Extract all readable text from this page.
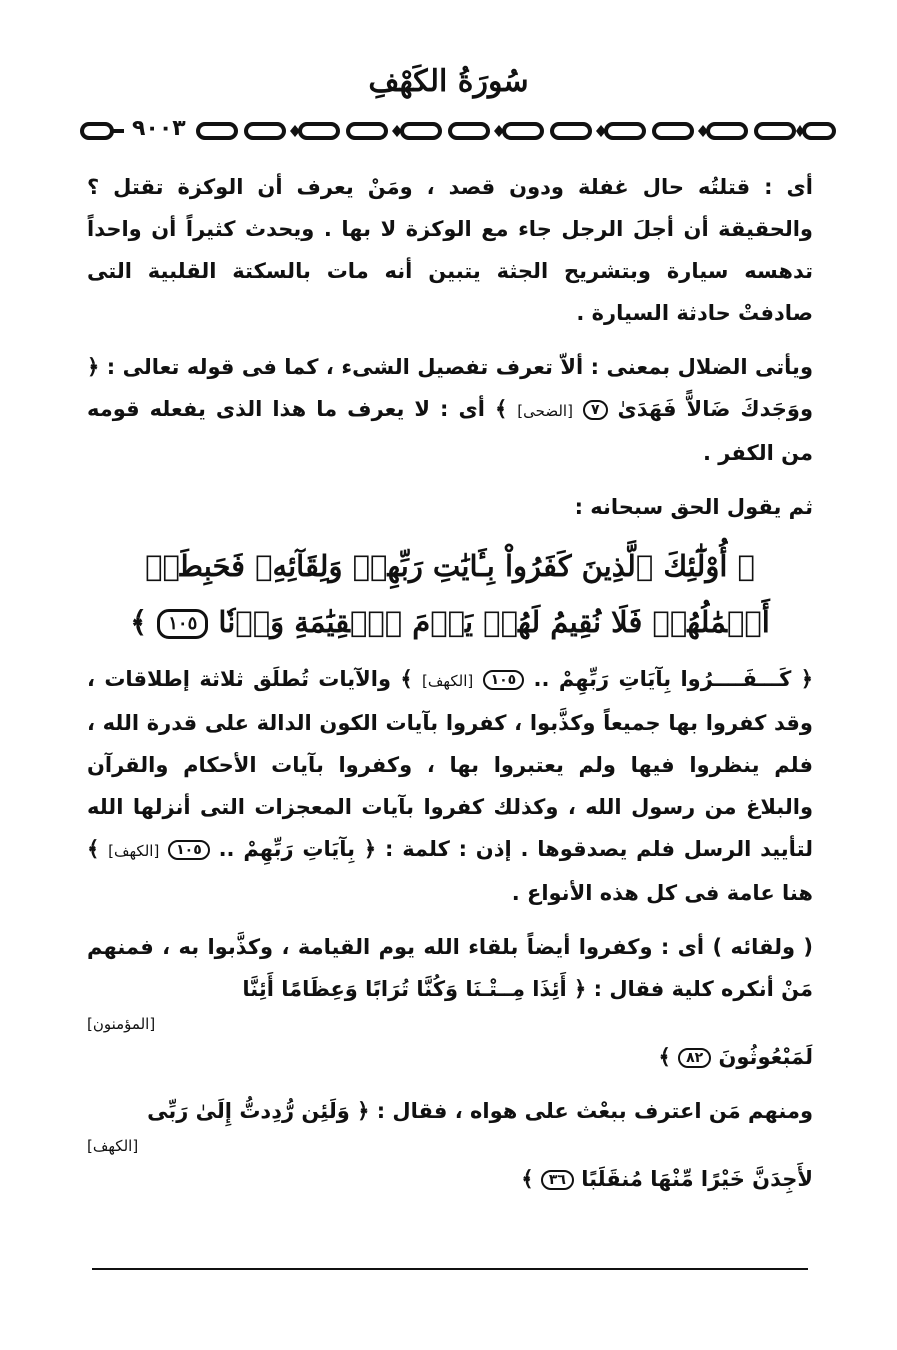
سُورَةُ الكَهْفِ
٩٠٠٣

أى : قتلتُه حال غفلة ودون قصد ، ومَنْ يعرف أن الوكزة تقتل ؟ والحقيقة أن أجلَ الرجل جاء مع الوكزة لا بها . ويحدث كثيراً أن واحداً تدهسه سيارة وبتشريح الجثة يتبين أنه مات بالسكتة القلبية التى صادفتْ حادثة السيارة .

ويأتى الضلال بمعنى : ألاّ تعرف تفصيل الشىء ، كما فى قوله تعالى : ﴿ ووَجَدكَ ضَالاًّ فَهَدَىٰ ٧ [الضحى] ﴾ أى : لا يعرف ما هذا الذى يفعله قومه من الكفر .

ثم يقول الحق سبحانه :

﴿ أُوْلَٰٓئِكَ ٱلَّذِينَ كَفَرُواْ بِـَٔايَٰتِ رَبِّهِمۡ وَلِقَآئِهِۦ فَحَبِطَتۡ
أَعۡمَٰلُهُمۡ فَلَا نُقِيمُ لَهُمۡ يَوۡمَ ٱلۡقِيَٰمَةِ وَزۡنٗا ١٠٥ ﴾

﴿ كَـــفَــــرُوا بِآيَاتِ رَبِّهِمْ .. ١٠٥ [الكهف] ﴾ والآيات تُطلَق ثلاثة إطلاقات ، وقد كفروا بها جميعاً وكذَّبوا ، كفروا بآيات الكون الدالة على قدرة الله ، فلم ينظروا فيها ولم يعتبروا بها ، وكفروا بآيات الأحكام والقرآن والبلاغ من رسول الله ، وكذلك كفروا بآيات المعجزات التى أنزلها الله لتأييد الرسل فلم يصدقوها . إذن : كلمة : ﴿ بِآيَاتِ رَبِّهِمْ .. ١٠٥ [الكهف] ﴾ هنا عامة فى كل هذه الأنواع .

( ولقائه ) أى : وكفروا أيضاً بلقاء الله يوم القيامة ، وكذَّبوا به ، فمنهم مَنْ أنكره كلية فقال : ﴿ أَئِذَا مِــتْـنَا وَكُنَّا تُرَابًا وَعِظَامًا أَئِنَّا

[المؤمنون]

لَمَبْعُوثُونَ ٨٢ ﴾

ومنهم مَن اعترف ببعْث على هواه ، فقال : ﴿ وَلَئِن رُّدِدتُّ إِلَىٰ رَبِّى

[الكهف]

لأَجِدَنَّ خَيْرًا مِّنْهَا مُنقَلَبًا ٣٦ ﴾
